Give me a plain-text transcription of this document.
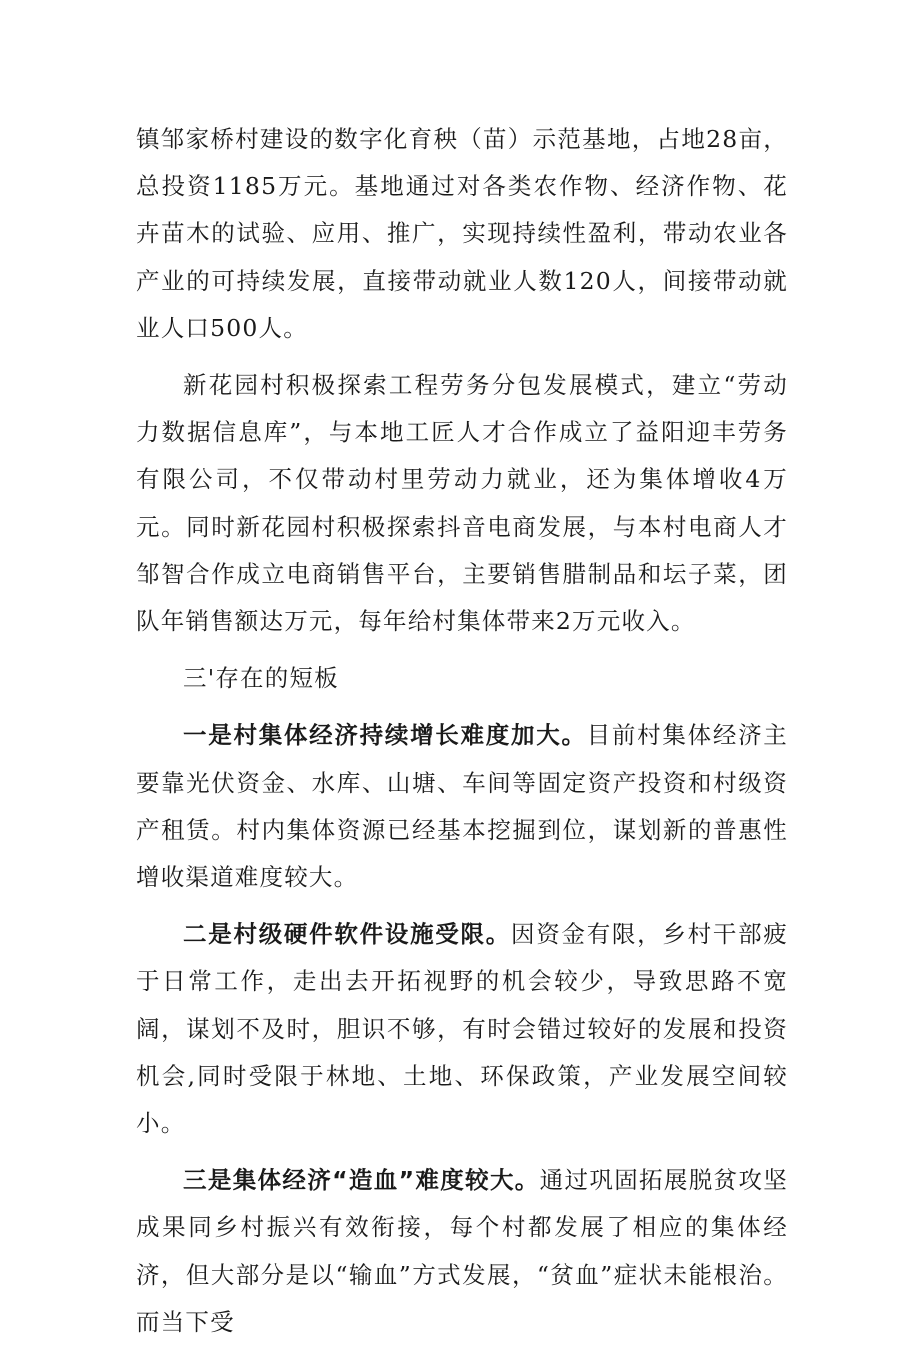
镇邹家桥村建设的数字化育秧（苗）示范基地，占地28亩，总投资1185万元。基地通过对各类农作物、经济作物、花卉苗木的试验、应用、推广，实现持续性盈利，带动农业各产业的可持续发展，直接带动就业人数120人，间接带动就业人口500人。

新花园村积极探索工程劳务分包发展模式，建立“劳动力数据信息库”，与本地工匠人才合作成立了益阳迎丰劳务有限公司，不仅带动村里劳动力就业，还为集体增收4万元。同时新花园村积极探索抖音电商发展，与本村电商人才邹智合作成立电商销售平台，主要销售腊制品和坛子菜，团队年销售额达万元，每年给村集体带来2万元收入。

三'存在的短板

一是村集体经济持续增长难度加大。目前村集体经济主要靠光伏资金、水库、山塘、车间等固定资产投资和村级资产租赁。村内集体资源已经基本挖掘到位，谋划新的普惠性增收渠道难度较大。

二是村级硬件软件设施受限。因资金有限，乡村干部疲于日常工作，走出去开拓视野的机会较少，导致思路不宽阔，谋划不及时，胆识不够，有时会错过较好的发展和投资机会,同时受限于林地、土地、环保政策，产业发展空间较小。

三是集体经济“造血”难度较大。通过巩固拓展脱贫攻坚成果同乡村振兴有效衔接，每个村都发展了相应的集体经济，但大部分是以“输血”方式发展，“贫血”症状未能根治。而当下受
